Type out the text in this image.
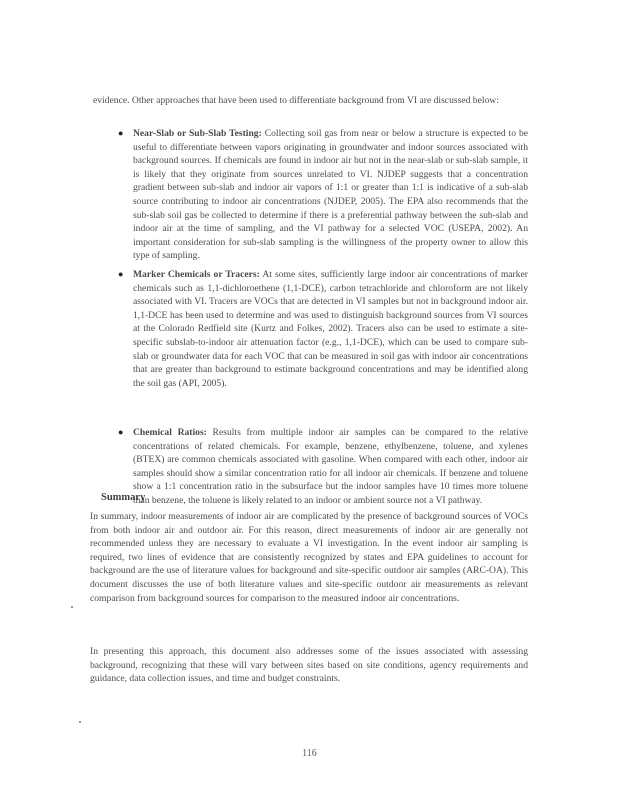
evidence. Other approaches that have been used to differentiate background from VI are discussed below:

● Near-Slab or Sub-Slab Testing: Collecting soil gas from near or below a structure is expected to be useful to differentiate between vapors originating in groundwater and indoor sources associated with background sources. If chemicals are found in indoor air but not in the near-slab or sub-slab sample, it is likely that they originate from sources unrelated to VI. NJDEP suggests that a concentration gradient between sub-slab and indoor air vapors of 1:1 or greater than 1:1 is indicative of a sub-slab source contributing to indoor air concentrations (NJDEP, 2005). The EPA also recommends that the sub-slab soil gas be collected to determine if there is a preferential pathway between the sub-slab and indoor air at the time of sampling, and the VI pathway for a selected VOC (USEPA, 2002). An important consideration for sub-slab sampling is the willingness of the property owner to allow this type of sampling.

● Marker Chemicals or Tracers: At some sites, sufficiently large indoor air concentrations of marker chemicals such as 1,1-dichloroethene (1,1-DCE), carbon tetrachloride and chloroform are not likely associated with VI. Tracers are VOCs that are detected in VI samples but not in background indoor air. 1,1-DCE has been used to determine and was used to distinguish background sources from VI sources at the Colorado Redfield site (Kurtz and Folkes, 2002). Tracers also can be used to estimate a site-specific subslab-to-indoor air attenuation factor (e.g., 1,1-DCE), which can be used to compare sub-slab or groundwater data for each VOC that can be measured in soil gas with indoor air concentrations that are greater than background to estimate background concentrations and may be identified along the soil gas (API, 2005).

● Chemical Ratios: Results from multiple indoor air samples can be compared to the relative concentrations of related chemicals. For example, benzene, ethylbenzene, toluene, and xylenes (BTEX) are common chemicals associated with gasoline. When compared with each other, indoor air samples should show a similar concentration ratio for all indoor air chemicals. If benzene and toluene show a 1:1 concentration ratio in the subsurface but the indoor samples have 10 times more toluene than benzene, the toluene is likely related to an indoor or ambient source not a VI pathway.

Summary

In summary, indoor measurements of indoor air are complicated by the presence of background sources of VOCs from both indoor air and outdoor air. For this reason, direct measurements of indoor air are generally not recommended unless they are necessary to evaluate a VI investigation. In the event indoor air sampling is required, two lines of evidence that are consistently recognized by states and EPA guidelines to account for background are the use of literature values for background and site-specific outdoor air samples (ARC-OA). This document discusses the use of both literature values and site-specific outdoor air measurements as relevant comparison from background sources for comparison to the measured indoor air concentrations.

In presenting this approach, this document also addresses some of the issues associated with assessing background, recognizing that these will vary between sites based on site conditions, agency requirements and guidance, data collection issues, and time and budget constraints.

116
